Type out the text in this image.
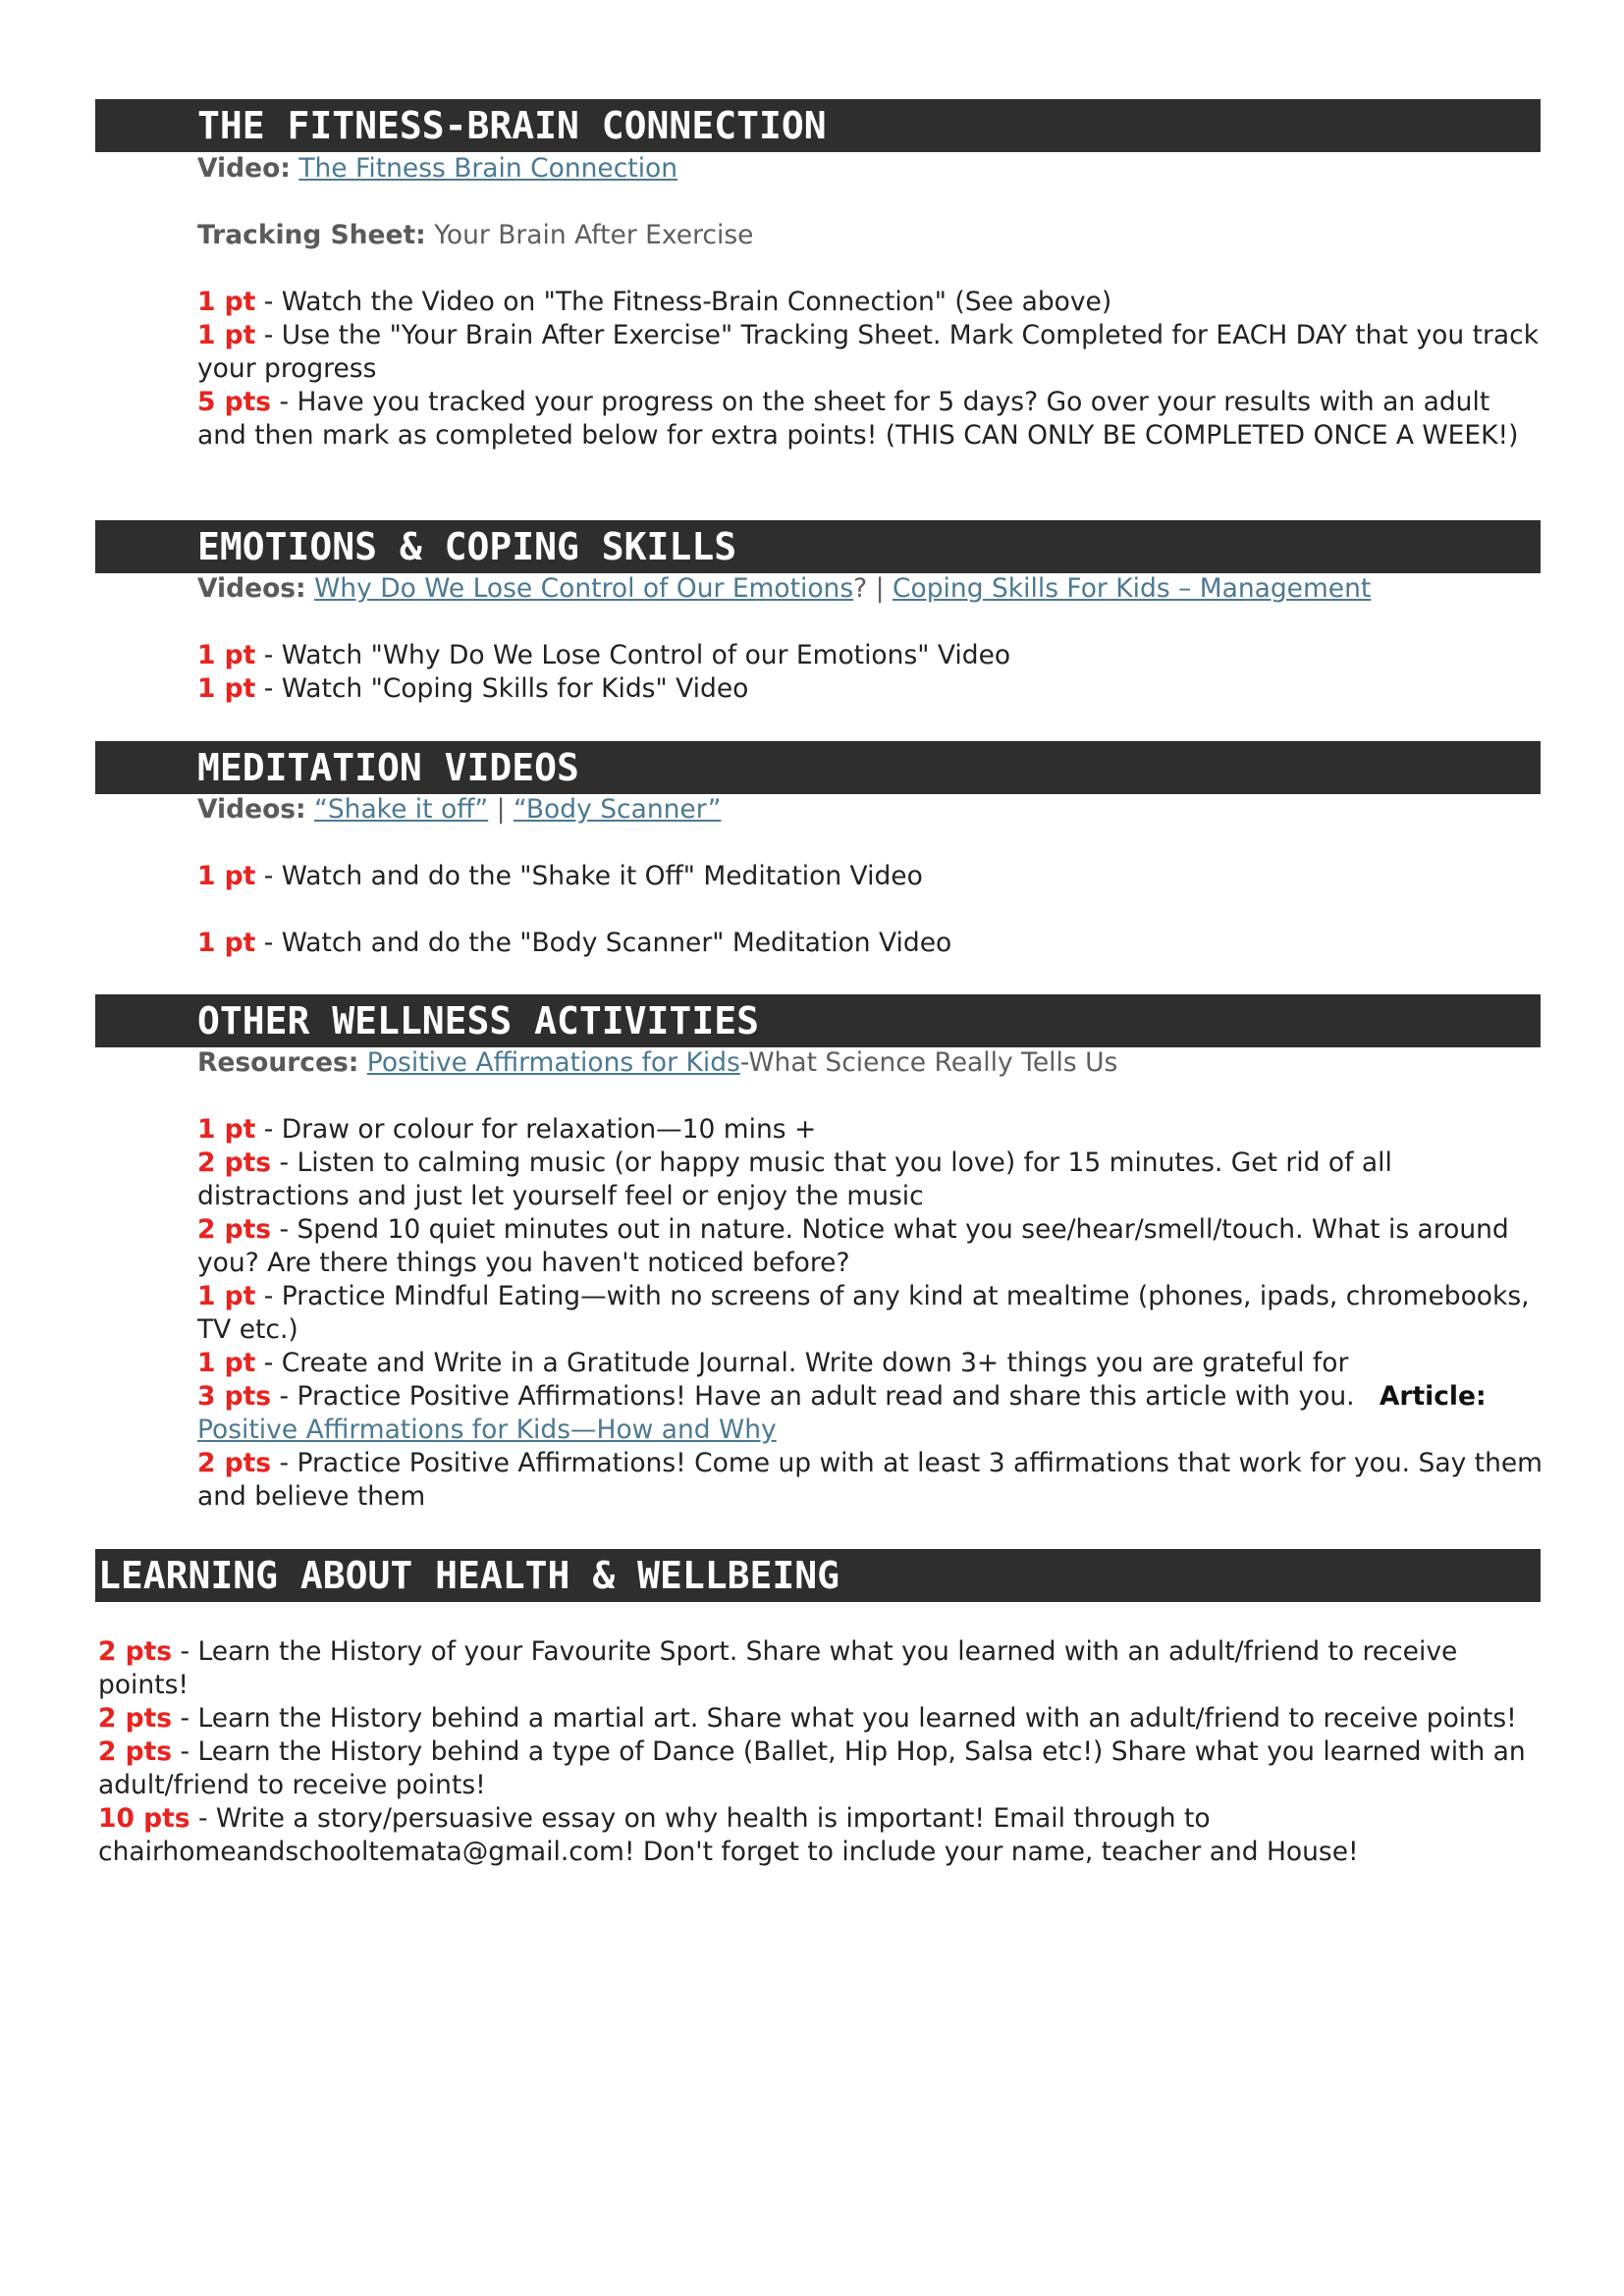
THE FITNESS-BRAIN CONNECTION

Video: The Fitness Brain Connection

Tracking Sheet: Your Brain After Exercise

1 pt - Watch the Video on "The Fitness-Brain Connection" (See above)

1 pt - Use the "Your Brain After Exercise" Tracking Sheet. Mark Completed for EACH DAY that you track your progress

5 pts - Have you tracked your progress on the sheet for 5 days? Go over your results with an adult and then mark as completed below for extra points! (THIS CAN ONLY BE COMPLETED ONCE A WEEK!)

EMOTIONS & COPING SKILLS

Videos: Why Do We Lose Control of Our Emotions? | Coping Skills For Kids – Management

1 pt - Watch "Why Do We Lose Control of our Emotions" Video

1 pt - Watch "Coping Skills for Kids" Video

MEDITATION VIDEOS

Videos: “Shake it off” | “Body Scanner”

1 pt - Watch and do the "Shake it Off" Meditation Video

1 pt - Watch and do the "Body Scanner" Meditation Video

OTHER WELLNESS ACTIVITIES

Resources: Positive Affirmations for Kids-What Science Really Tells Us

1 pt - Draw or colour for relaxation—10 mins +

2 pts - Listen to calming music (or happy music that you love) for 15 minutes. Get rid of all distractions and just let yourself feel or enjoy the music

2 pts - Spend 10 quiet minutes out in nature. Notice what you see/hear/smell/touch. What is around you? Are there things you haven't noticed before?

1 pt - Practice Mindful Eating—with no screens of any kind at mealtime (phones, ipads, chromebooks, TV etc.)

1 pt - Create and Write in a Gratitude Journal. Write down 3+ things you are grateful for

3 pts - Practice Positive Affirmations! Have an adult read and share this article with you. Article: Positive Affirmations for Kids—How and Why

2 pts - Practice Positive Affirmations! Come up with at least 3 affirmations that work for you. Say them and believe them

LEARNING ABOUT HEALTH & WELLBEING

2 pts - Learn the History of your Favourite Sport. Share what you learned with an adult/friend to receive points!

2 pts - Learn the History behind a martial art. Share what you learned with an adult/friend to receive points!

2 pts - Learn the History behind a type of Dance (Ballet, Hip Hop, Salsa etc!) Share what you learned with an adult/friend to receive points!

10 pts - Write a story/persuasive essay on why health is important! Email through to chairhomeandschooltemata@gmail.com! Don't forget to include your name, teacher and House!
